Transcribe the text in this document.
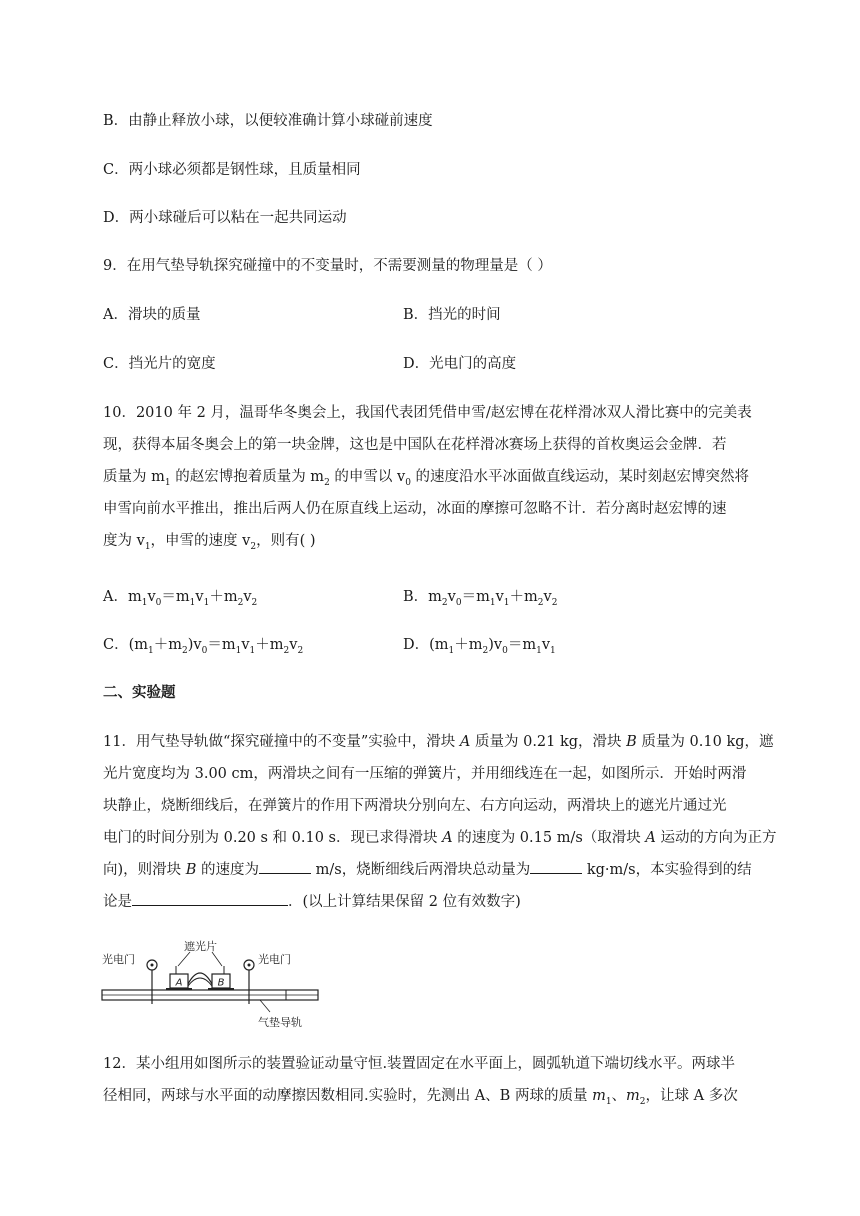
B．由静止释放小球，以便较准确计算小球碰前速度
C．两小球必须都是钢性球，且质量相同
D．两小球碰后可以粘在一起共同运动
9．在用气垫导轨探究碰撞中的不变量时，不需要测量的物理量是（ ）
A．滑块的质量	B．挡光的时间
C．挡光片的宽度	D．光电门的高度
10．2010 年 2 月，温哥华冬奥会上，我国代表团凭借申雪/赵宏博在花样滑冰双人滑比赛中的完美表
现，获得本届冬奥会上的第一块金牌，这也是中国队在花样滑冰赛场上获得的首枚奥运会金牌．若
质量为 $m_1$ 的赵宏博抱着质量为 $m_2$ 的申雪以 $v_0$ 的速度沿水平冰面做直线运动，某时刻赵宏博突然将
申雪向前水平推出，推出后两人仍在原直线上运动，冰面的摩擦可忽略不计．若分离时赵宏博的速
度为 $v_1$，申雪的速度 $v_2$，则有( )
A．$m_1v_0=m_1v_1+m_2v_2$	B．$m_2v_0=m_1v_1+m_2v_2$
C．$(m_1+m_2)v_0=m_1v_1+m_2v_2$	D．$(m_1+m_2)v_0=m_1v_1$
二、实验题
11．用气垫导轨做“探究碰撞中的不变量”实验中，滑块 A 质量为 0.21 kg，滑块 B 质量为 0.10 kg，遮
光片宽度均为 3.00 cm，两滑块之间有一压缩的弹簧片，并用细线连在一起，如图所示．开始时两滑
块静止，烧断细线后，在弹簧片的作用下两滑块分别向左、右方向运动，两滑块上的遮光片通过光
电门的时间分别为 0.20 s 和 0.10 s．现已求得滑块 A 的速度为 0.15 m/s（取滑块 A 运动的方向为正方
向)，则滑块 B 的速度为	m/s，烧断细线后两滑块总动量为	kg·m/s，本实验得到的结
论是	．(以上计算结果保留 2 位有效数字)
A	B
光电门
遮光片
光电门
气垫导轨
12．某小组用如图所示的装置验证动量守恒.装置固定在水平面上，圆弧轨道下端切线水平。两球半
径相同，两球与水平面的动摩擦因数相同.实验时，先测出 A、B 两球的质量 $m_1$、$m_2$，让球 A 多次
